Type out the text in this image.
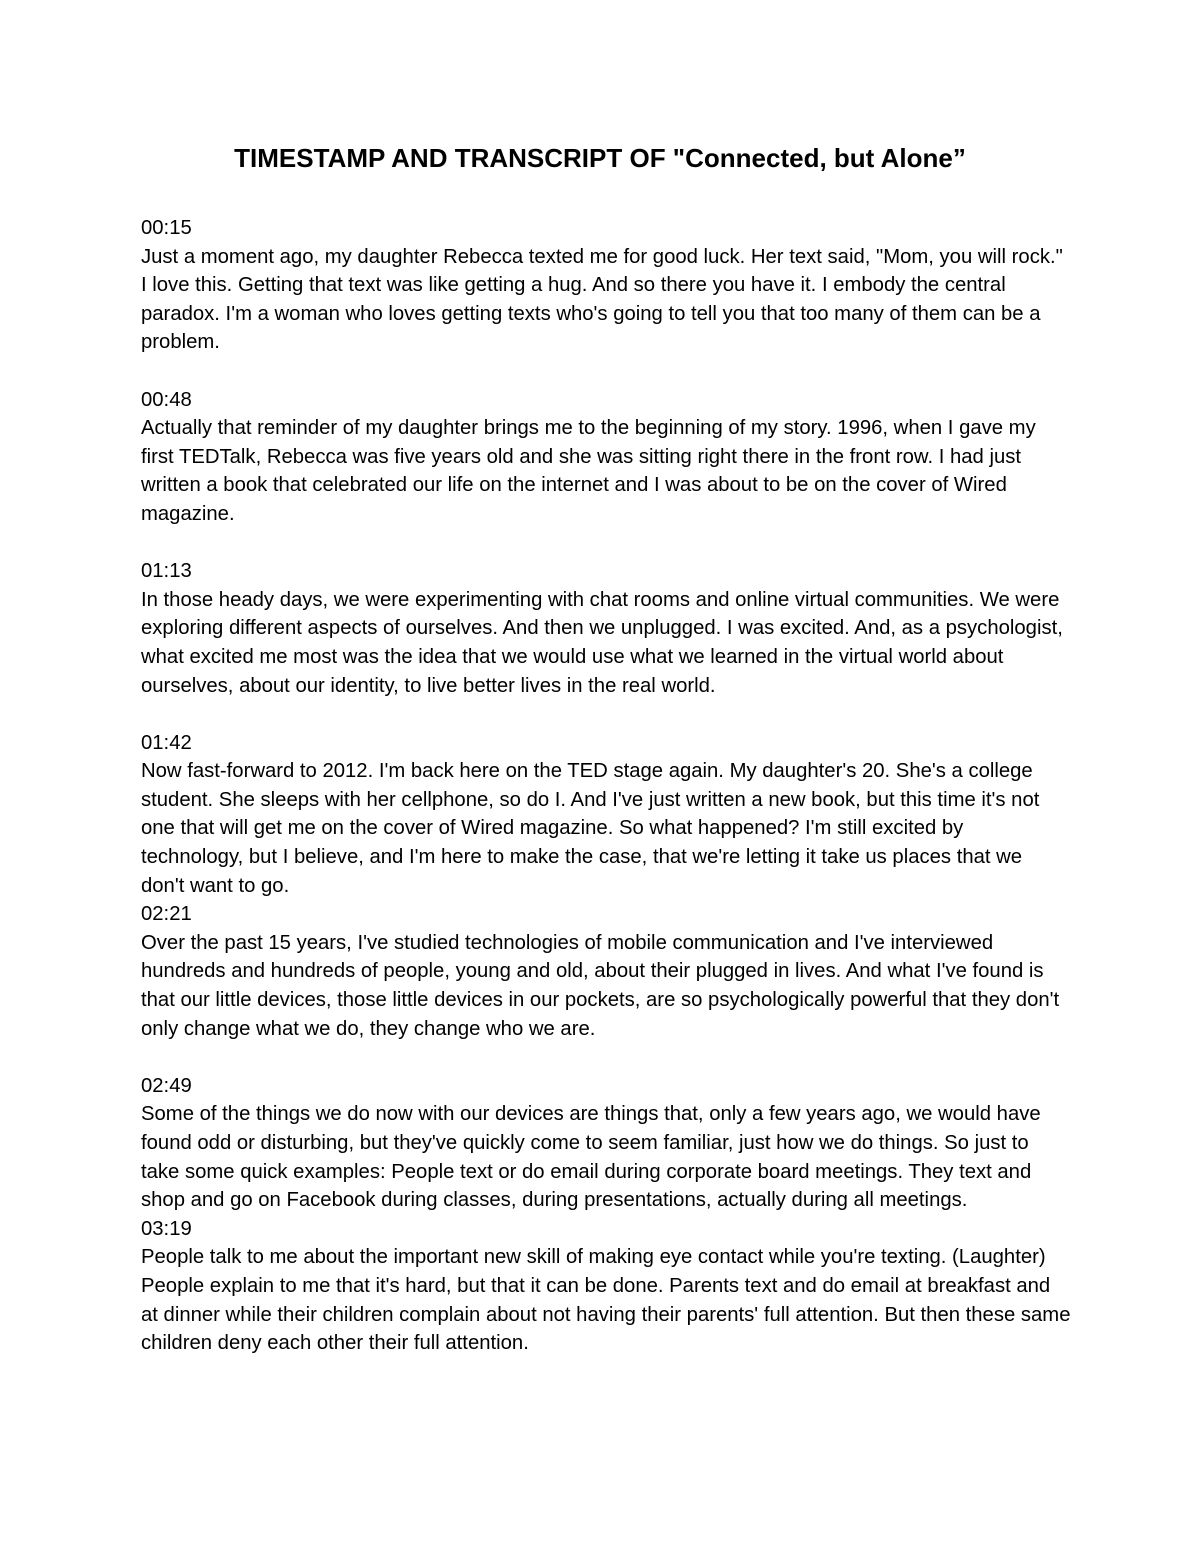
TIMESTAMP AND TRANSCRIPT OF "Connected, but Alone”
00:15
Just a moment ago, my daughter Rebecca texted me for good luck. Her text said, "Mom, you will rock." I love this. Getting that text was like getting a hug. And so there you have it. I embody the central paradox. I'm a woman who loves getting texts who's going to tell you that too many of them can be a problem.
00:48
Actually that reminder of my daughter brings me to the beginning of my story. 1996, when I gave my first TEDTalk, Rebecca was five years old and she was sitting right there in the front row. I had just written a book that celebrated our life on the internet and I was about to be on the cover of Wired magazine.
01:13
In those heady days, we were experimenting with chat rooms and online virtual communities. We were exploring different aspects of ourselves. And then we unplugged. I was excited. And, as a psychologist, what excited me most was the idea that we would use what we learned in the virtual world about ourselves, about our identity, to live better lives in the real world.
01:42
Now fast-forward to 2012. I'm back here on the TED stage again. My daughter's 20. She's a college student. She sleeps with her cellphone, so do I. And I've just written a new book, but this time it's not one that will get me on the cover of Wired magazine. So what happened? I'm still excited by technology, but I believe, and I'm here to make the case, that we're letting it take us places that we don't want to go.
02:21
Over the past 15 years, I've studied technologies of mobile communication and I've interviewed hundreds and hundreds of people, young and old, about their plugged in lives. And what I've found is that our little devices, those little devices in our pockets, are so psychologically powerful that they don't only change what we do, they change who we are.
02:49
Some of the things we do now with our devices are things that, only a few years ago, we would have found odd or disturbing, but they've quickly come to seem familiar, just how we do things. So just to take some quick examples: People text or do email during corporate board meetings. They text and shop and go on Facebook during classes, during presentations, actually during all meetings.
03:19
People talk to me about the important new skill of making eye contact while you're texting. (Laughter) People explain to me that it's hard, but that it can be done. Parents text and do email at breakfast and at dinner while their children complain about not having their parents' full attention. But then these same children deny each other their full attention.
